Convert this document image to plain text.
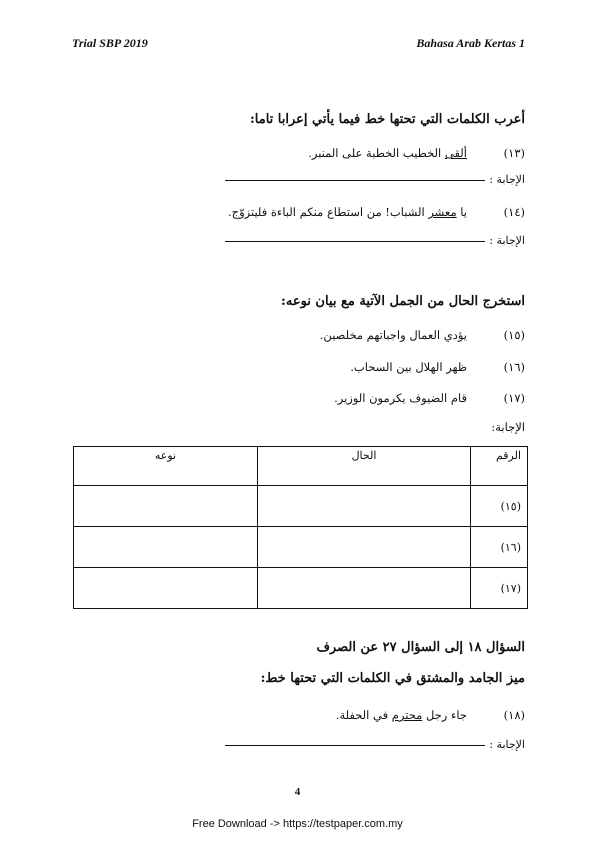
Trial SBP 2019	Bahasa Arab Kertas 1
أعرب الكلمات التي تحتها خط فيما يأتي إعرابا تاما:
(١٣)ألقى الخطيب الخطبة على المنبر.
الإجابة :
(١٤)يا معشر الشباب! من استطاع منكم الباءة فليتزوّج.
الإجابة :
استخرج الحال من الجمل الآتية مع بيان نوعه:
(١٥)يؤدي العمال واجباتهم مخلصين.
(١٦)ظهر الهلال بين السحاب.
(١٧)قام الضيوف يكرمون الوزير.
الإجابة:
الرقم	الحال	نوعه
(١٥)		
(١٦)		
(١٧)		
السؤال ١٨ إلى السؤال ٢٧ عن الصرف
ميز الجامد والمشتق في الكلمات التي تحتها خط:
(١٨)جاء رجل محترم في الحفلة.
الإجابة :
4
Free Download -> https://testpaper.com.my
